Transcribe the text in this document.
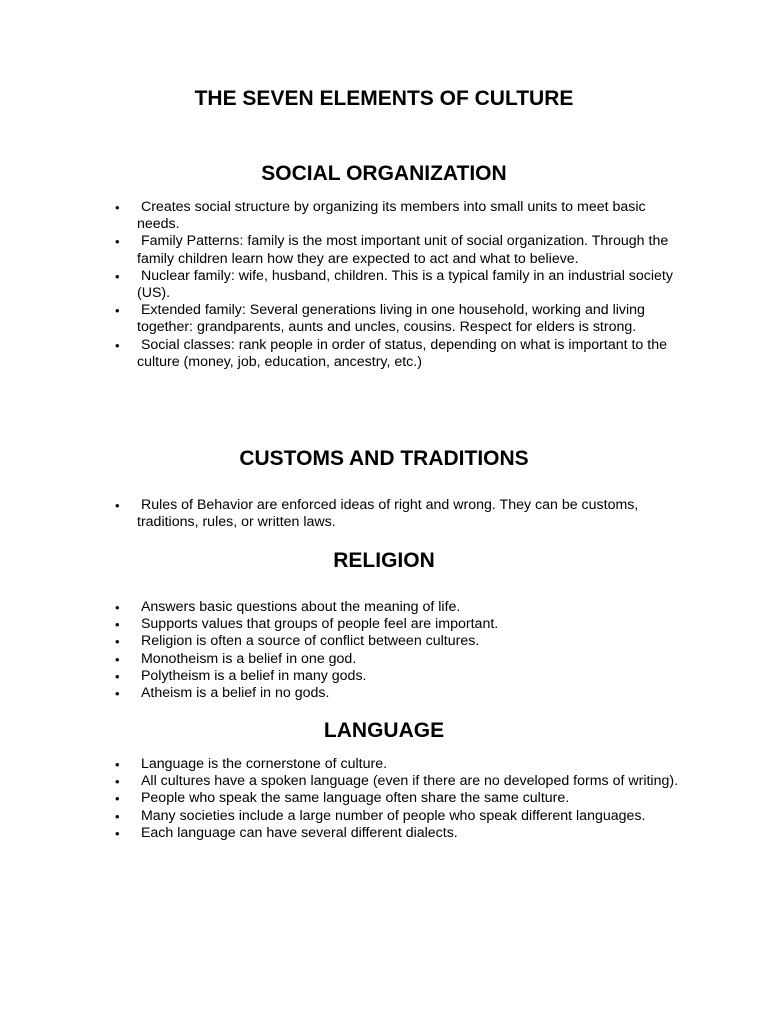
THE SEVEN ELEMENTS OF CULTURE
SOCIAL ORGANIZATION
• Creates social structure by organizing its members into small units to meet basic needs.
• Family Patterns: family is the most important unit of social organization. Through the family children learn how they are expected to act and what to believe.
• Nuclear family: wife, husband, children. This is a typical family in an industrial society (US).
• Extended family: Several generations living in one household, working and living together: grandparents, aunts and uncles, cousins. Respect for elders is strong.
• Social classes: rank people in order of status, depending on what is important to the culture (money, job, education, ancestry, etc.)
CUSTOMS AND TRADITIONS
• Rules of Behavior are enforced ideas of right and wrong. They can be customs, traditions, rules, or written laws.
RELIGION
• Answers basic questions about the meaning of life.
• Supports values that groups of people feel are important.
• Religion is often a source of conflict between cultures.
• Monotheism is a belief in one god.
• Polytheism is a belief in many gods.
• Atheism is a belief in no gods.
LANGUAGE
• Language is the cornerstone of culture.
• All cultures have a spoken language (even if there are no developed forms of writing).
• People who speak the same language often share the same culture.
• Many societies include a large number of people who speak different languages.
• Each language can have several different dialects.
